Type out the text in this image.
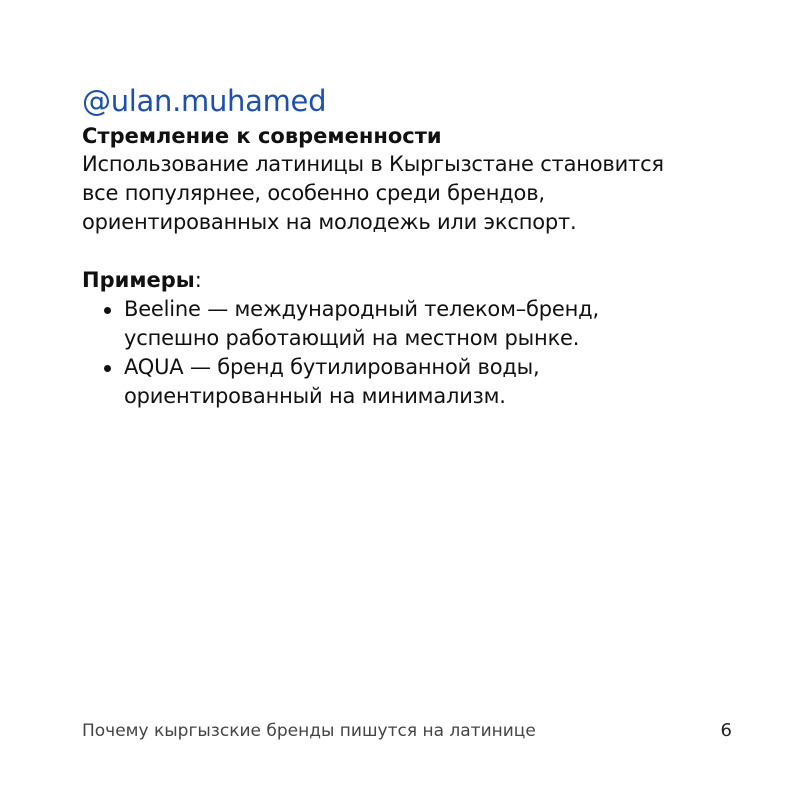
@ulan.muhamed
Стремление к современности
Использование латиницы в Кыргызстане становится
все популярнее, особенно среди брендов,
ориентированных на молодежь или экспорт.
Примеры:
Beeline — международный телеком–бренд,
успешно работающий на местном рынке.
AQUA — бренд бутилированной воды,
ориентированный на минимализм.
Почему кыргызские бренды пишутся на латинице	6
